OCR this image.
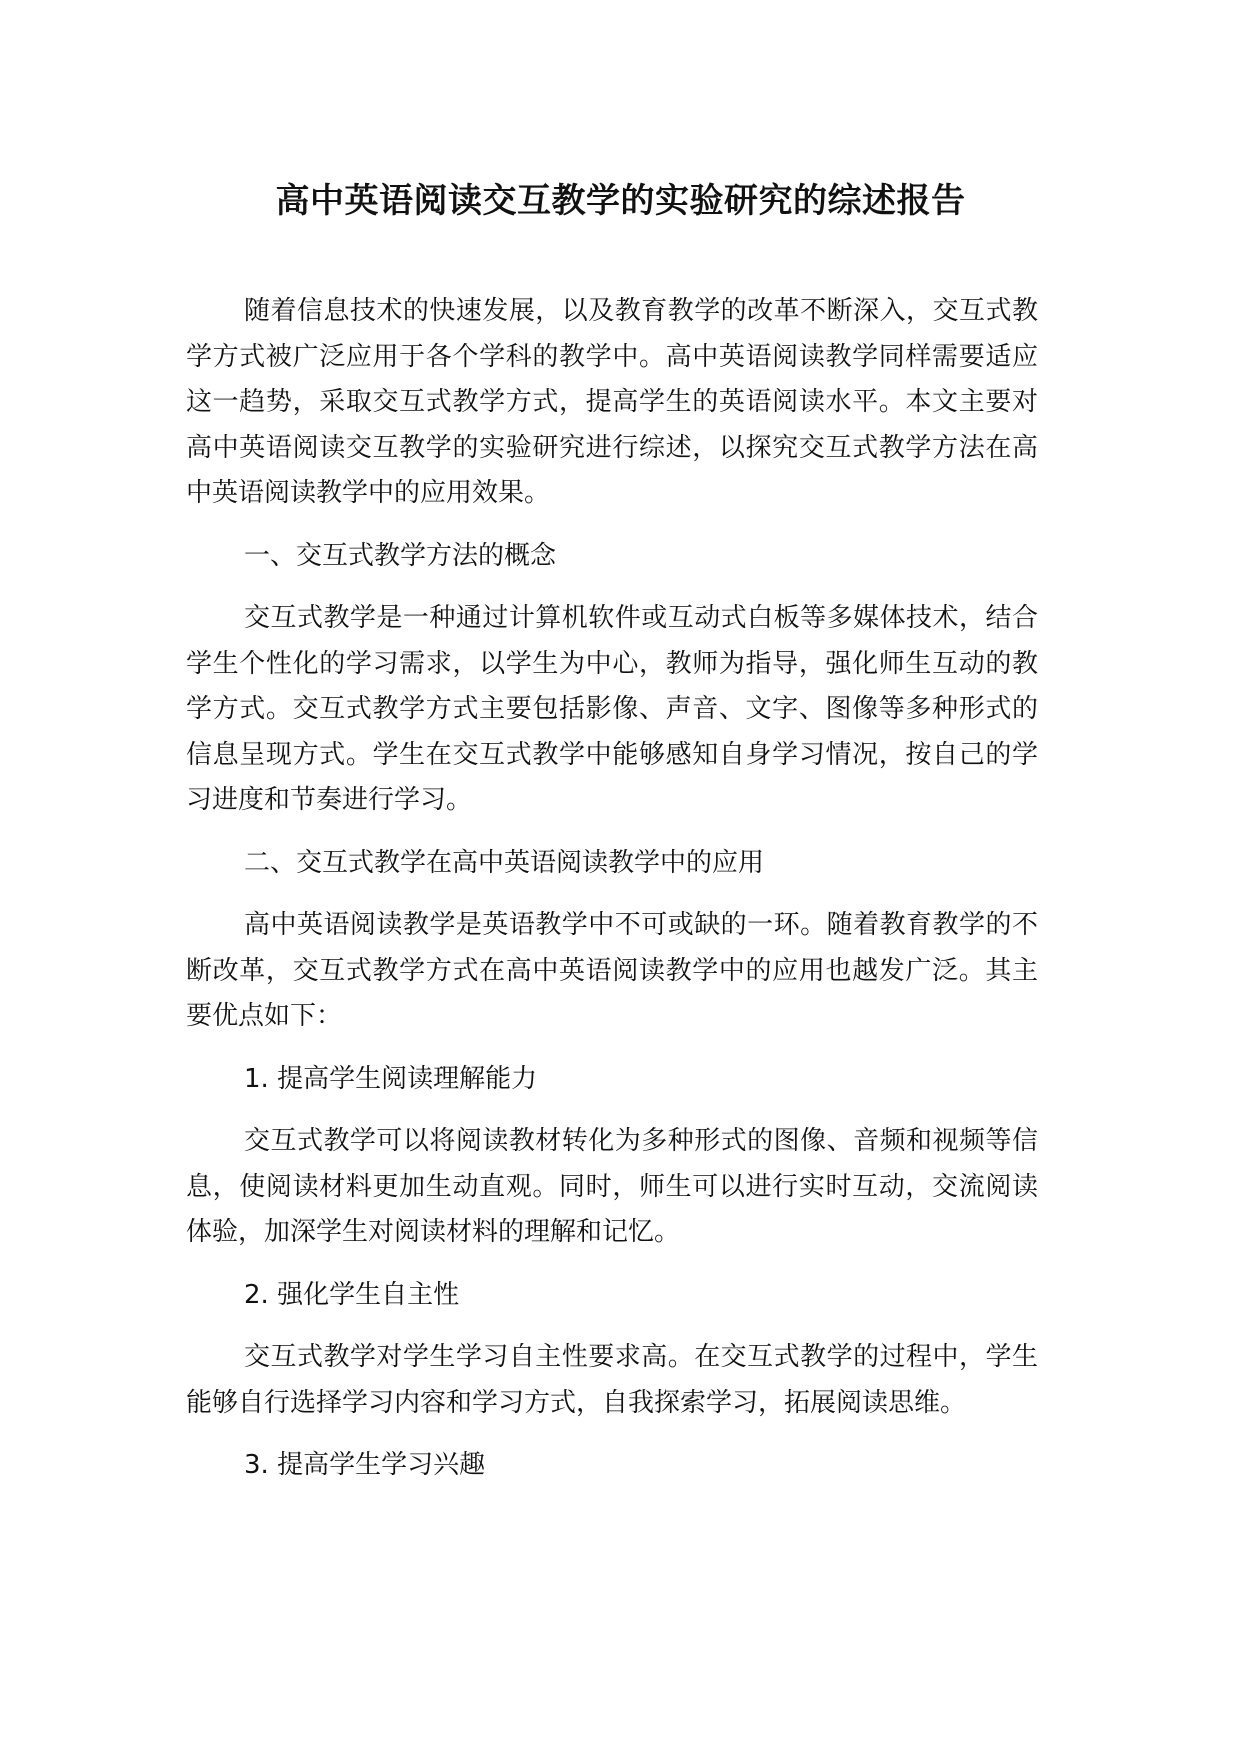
高中英语阅读交互教学的实验研究的综述报告

随着信息技术的快速发展，以及教育教学的改革不断深入，交互式教学方式被广泛应用于各个学科的教学中。高中英语阅读教学同样需要适应这一趋势，采取交互式教学方式，提高学生的英语阅读水平。本文主要对高中英语阅读交互教学的实验研究进行综述，以探究交互式教学方法在高中英语阅读教学中的应用效果。

一、交互式教学方法的概念

交互式教学是一种通过计算机软件或互动式白板等多媒体技术，结合学生个性化的学习需求，以学生为中心，教师为指导，强化师生互动的教学方式。交互式教学方式主要包括影像、声音、文字、图像等多种形式的信息呈现方式。学生在交互式教学中能够感知自身学习情况，按自己的学习进度和节奏进行学习。

二、交互式教学在高中英语阅读教学中的应用

高中英语阅读教学是英语教学中不可或缺的一环。随着教育教学的不断改革，交互式教学方式在高中英语阅读教学中的应用也越发广泛。其主要优点如下：

1. 提高学生阅读理解能力

交互式教学可以将阅读教材转化为多种形式的图像、音频和视频等信息，使阅读材料更加生动直观。同时，师生可以进行实时互动，交流阅读体验，加深学生对阅读材料的理解和记忆。

2. 强化学生自主性

交互式教学对学生学习自主性要求高。在交互式教学的过程中，学生能够自行选择学习内容和学习方式，自我探索学习，拓展阅读思维。

3. 提高学生学习兴趣
